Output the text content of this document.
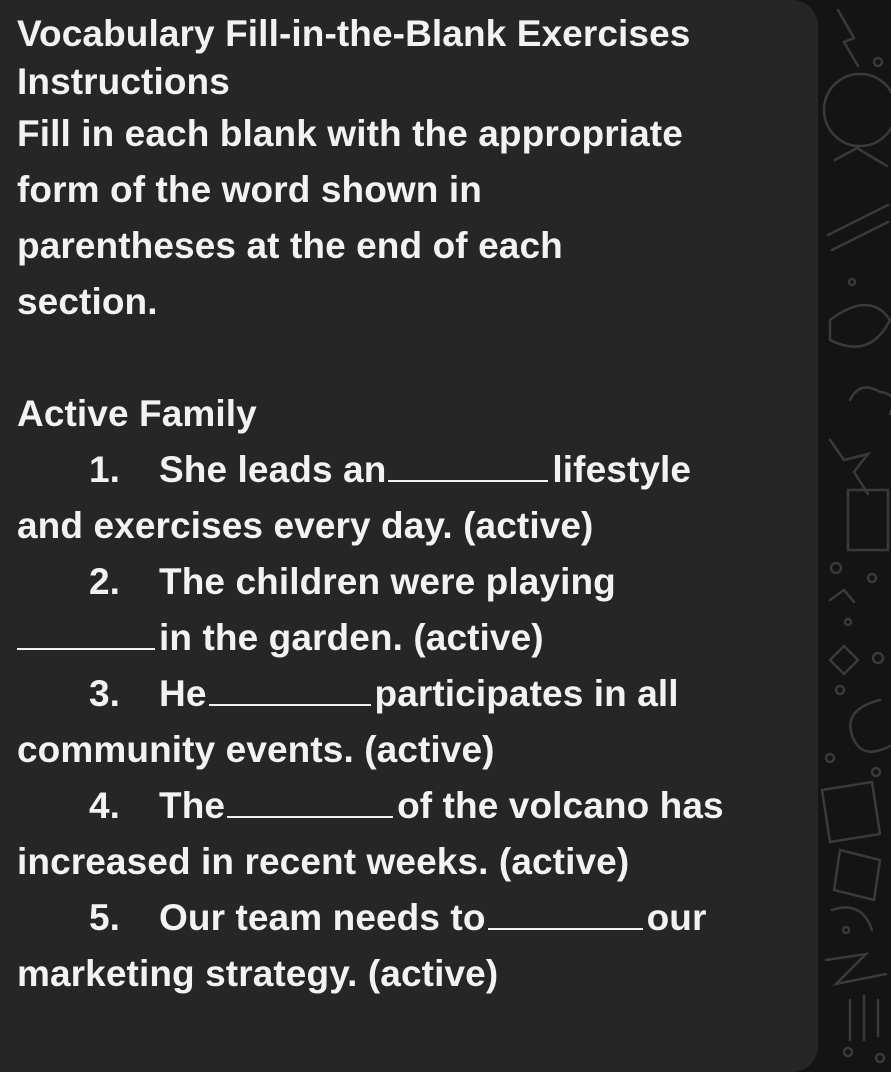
Vocabulary Fill-in-the-Blank Exercises
Instructions
Fill in each blank with the appropriate
form of the word shown in
parentheses at the end of each
section.
Active Family
1. She leads an	lifestyle
and exercises every day. (active)
2. The children were playing
in the garden. (active)
3. He	participates in all
community events. (active)
4. The	of the volcano has
increased in recent weeks. (active)
5. Our team needs to	our
marketing strategy. (active)
